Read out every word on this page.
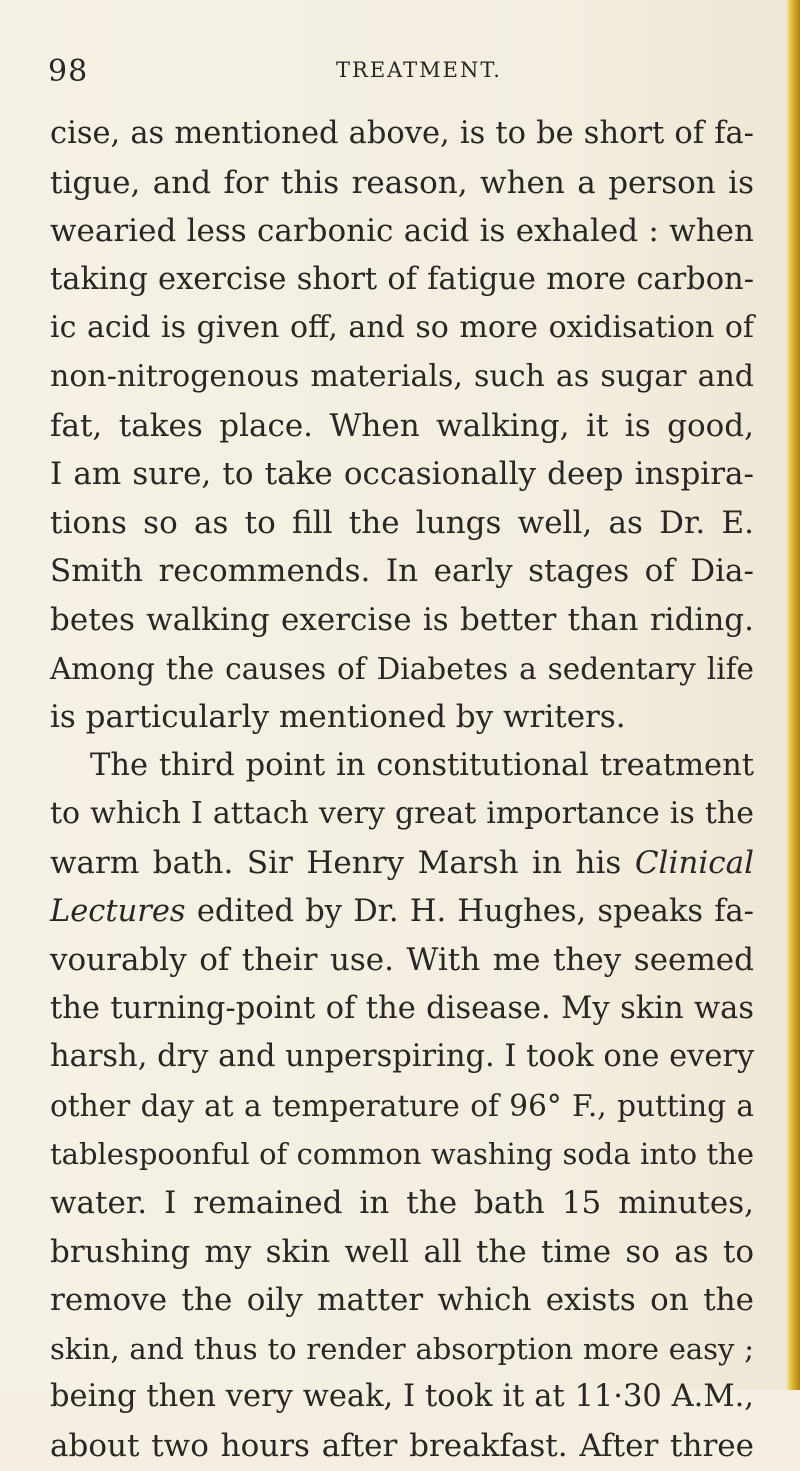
98	TREATMENT.
cise, as mentioned above, is to be short of fa-
tigue, and for this reason, when a person is
wearied less carbonic acid is exhaled : when
taking exercise short of fatigue more carbon-
ic acid is given off, and so more oxidisation of
non-nitrogenous materials, such as sugar and
fat, takes place. When walking, it is good,
I am sure, to take occasionally deep inspira-
tions so as to fill the lungs well, as Dr. E.
Smith recommends. In early stages of Dia-
betes walking exercise is better than riding.
Among the causes of Diabetes a sedentary life
is particularly mentioned by writers.
The third point in constitutional treatment
to which I attach very great importance is the
warm bath. Sir Henry Marsh in his Clinical
Lectures edited by Dr. H. Hughes, speaks fa-
vourably of their use. With me they seemed
the turning-point of the disease. My skin was
harsh, dry and unperspiring. I took one every
other day at a temperature of 96° F., putting a
tablespoonful of common washing soda into the
water. I remained in the bath 15 minutes,
brushing my skin well all the time so as to
remove the oily matter which exists on the
skin, and thus to render absorption more easy ;
being then very weak, I took it at 11·30 A.M.,
about two hours after breakfast. After three
